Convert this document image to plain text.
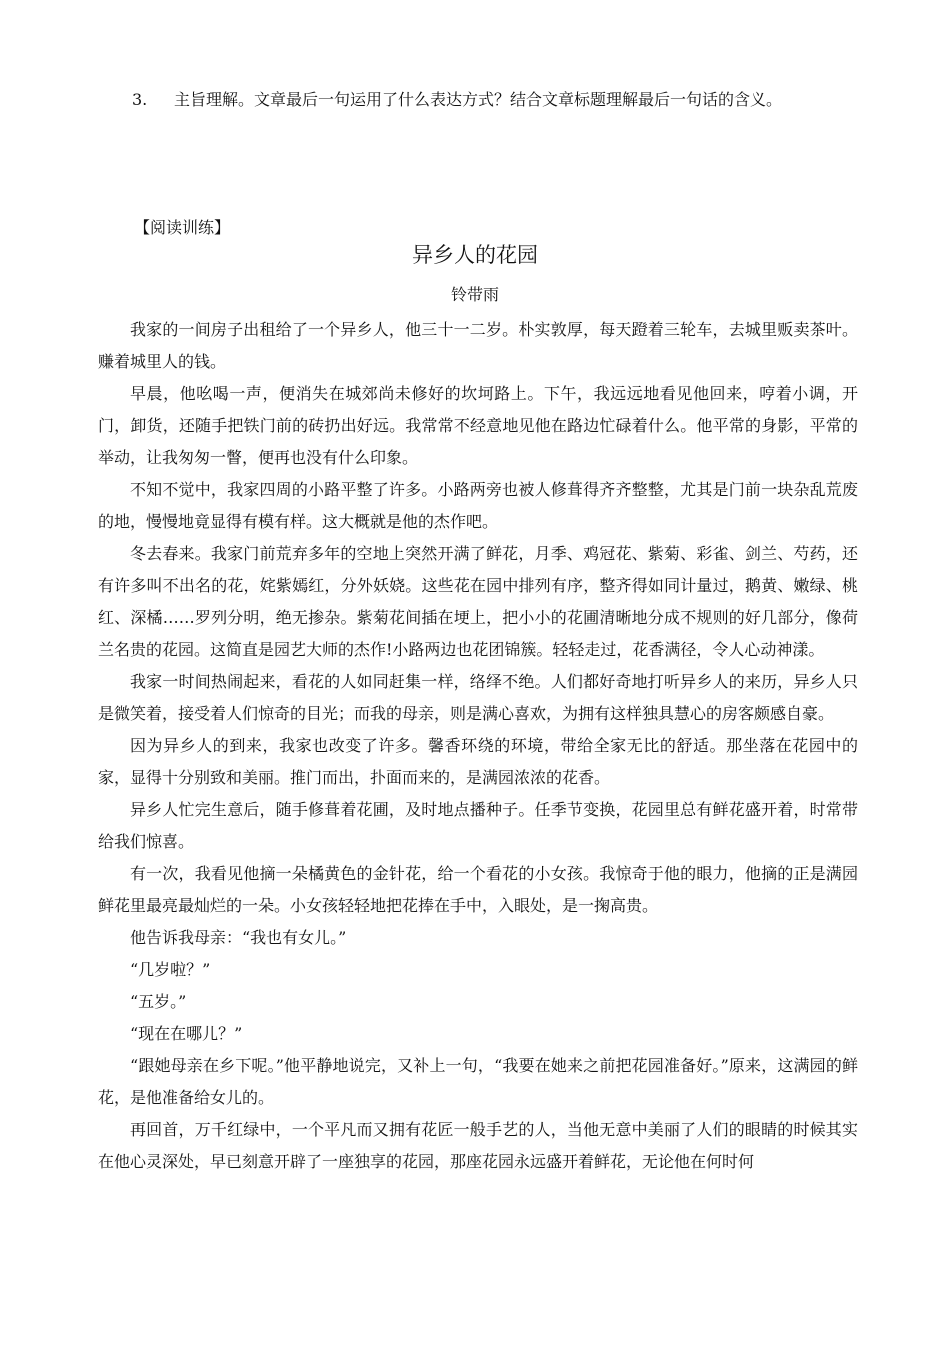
3. 主旨理解。文章最后一句运用了什么表达方式？结合文章标题理解最后一句话的含义。
【阅读训练】
异乡人的花园
铃带雨

我家的一间房子出租给了一个异乡人，他三十一二岁。朴实敦厚，每天蹬着三轮车，去城里贩卖茶叶。赚着城里人的钱。

早晨，他吆喝一声，便消失在城郊尚未修好的坎坷路上。下午，我远远地看见他回来，哼着小调，开门，卸货，还随手把铁门前的砖扔出好远。我常常不经意地见他在路边忙碌着什么。他平常的身影，平常的举动，让我匆匆一瞥，便再也没有什么印象。

不知不觉中，我家四周的小路平整了许多。小路两旁也被人修葺得齐齐整整，尤其是门前一块杂乱荒废的地，慢慢地竟显得有模有样。这大概就是他的杰作吧。

冬去春来。我家门前荒弃多年的空地上突然开满了鲜花，月季、鸡冠花、紫菊、彩雀、剑兰、芍药，还有许多叫不出名的花，姹紫嫣红，分外妖娆。这些花在园中排列有序，整齐得如同计量过，鹅黄、嫩绿、桃红、深橘……罗列分明，绝无掺杂。紫菊花间插在埂上，把小小的花圃清晰地分成不规则的好几部分，像荷兰名贵的花园。这简直是园艺大师的杰作!小路两边也花团锦簇。轻轻走过，花香满径，令人心动神漾。

我家一时间热闹起来，看花的人如同赶集一样，络绎不绝。人们都好奇地打听异乡人的来历，异乡人只是微笑着，接受着人们惊奇的目光；而我的母亲，则是满心喜欢，为拥有这样独具慧心的房客颇感自豪。

因为异乡人的到来，我家也改变了许多。馨香环绕的环境，带给全家无比的舒适。那坐落在花园中的家，显得十分别致和美丽。推门而出，扑面而来的，是满园浓浓的花香。

异乡人忙完生意后，随手修葺着花圃，及时地点播种子。任季节变换，花园里总有鲜花盛开着，时常带给我们惊喜。

有一次，我看见他摘一朵橘黄色的金针花，给一个看花的小女孩。我惊奇于他的眼力，他摘的正是满园鲜花里最亮最灿烂的一朵。小女孩轻轻地把花捧在手中，入眼处，是一掬高贵。

他告诉我母亲：“我也有女儿。”

“几岁啦？”

“五岁。”

“现在在哪儿？”

“跟她母亲在乡下呢。”他平静地说完，又补上一句，“我要在她来之前把花园准备好。”原来，这满园的鲜花，是他准备给女儿的。

再回首，万千红绿中，一个平凡而又拥有花匠一般手艺的人，当他无意中美丽了人们的眼睛的时候其实在他心灵深处，早已刻意开辟了一座独享的花园，那座花园永远盛开着鲜花，无论他在何时何
